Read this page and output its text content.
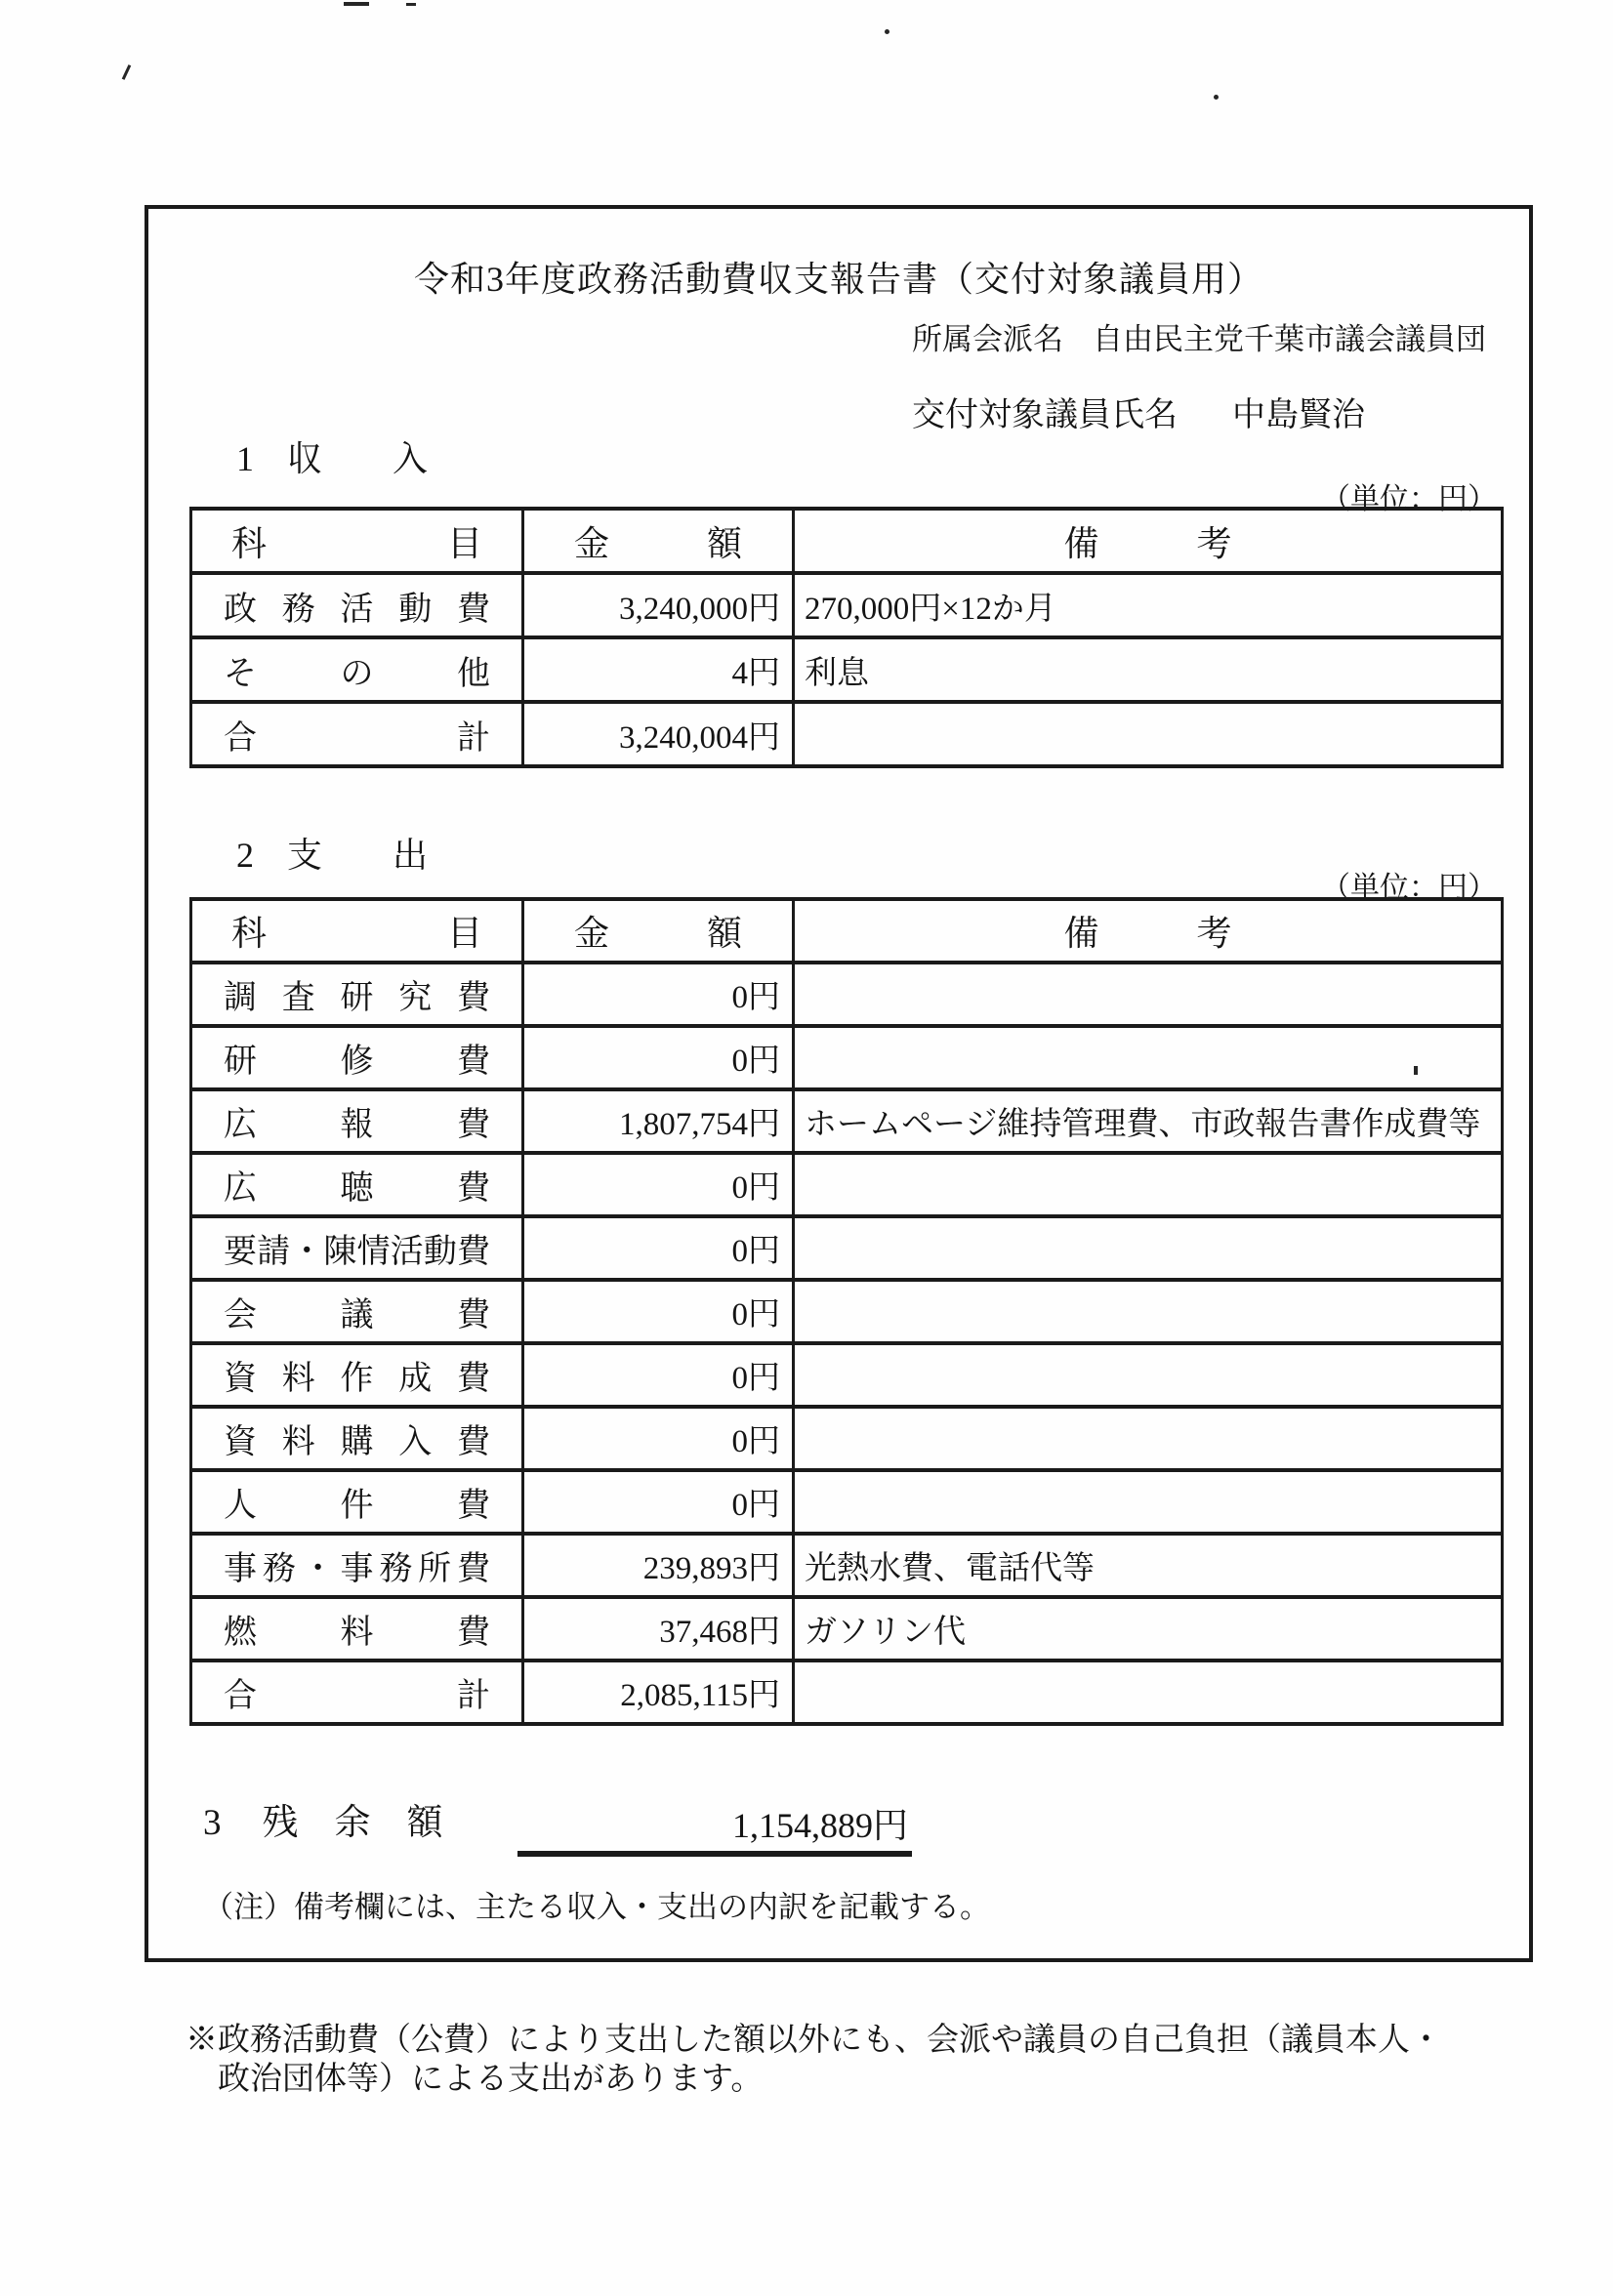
令和3年度政務活動費収支報告書（交付対象議員用）
所属会派名 自由民主党千葉市議会議員団
交付対象議員氏名 中島賢治
1 収　　入
（単位：円）
科 目	金 額	備 考

政 務 活 動 費	3,240,000円	270,000円×12か月

そ の 他	4円	利息

合 計	3,240,004円	
2 支　　出
（単位：円）
科 目	金 額	備 考

調 査 研 究 費	0円	

研 修 費	0円	

広 報 費	1,807,754円	ホームページ維持管理費、市政報告書作成費等

広 聴 費	0円	

要 請 ・ 陳 情 活 動 費	0円	

会 議 費	0円	

資 料 作 成 費	0円	

資 料 購 入 費	0円	

人 件 費	0円	

事 務 ・ 事 務 所 費	239,893円	光熱水費、電話代等

燃 料 費	37,468円	ガソリン代

合 計	2,085,115円	
3 残　余　額	1,154,889円
（注）備考欄には、主たる収入・支出の内訳を記載する。
※政務活動費（公費）により支出した額以外にも、会派や議員の自己負担（議員本人・
政治団体等）による支出があります。
